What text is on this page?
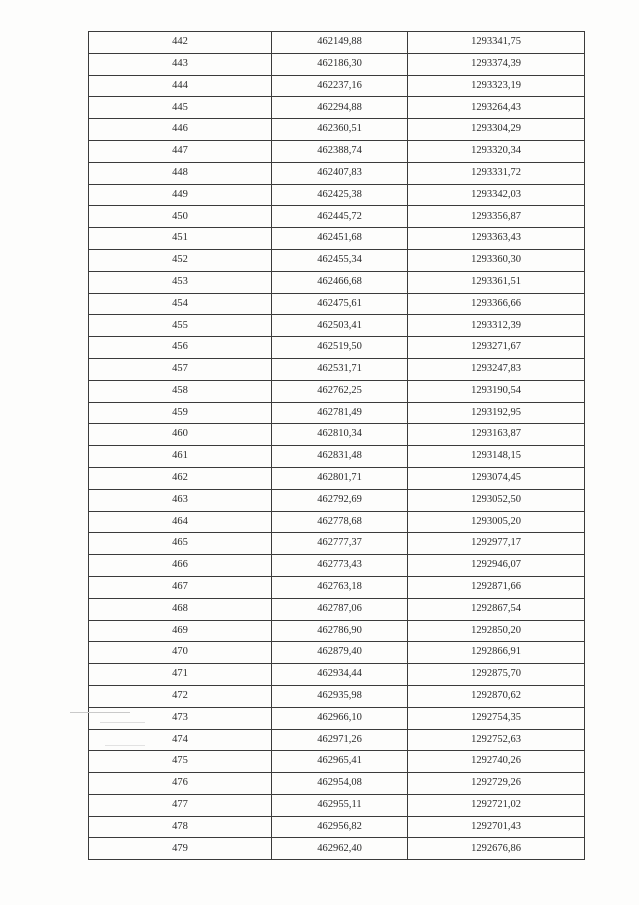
442	462149,88	1293341,75
443	462186,30	1293374,39
444	462237,16	1293323,19
445	462294,88	1293264,43
446	462360,51	1293304,29
447	462388,74	1293320,34
448	462407,83	1293331,72
449	462425,38	1293342,03
450	462445,72	1293356,87
451	462451,68	1293363,43
452	462455,34	1293360,30
453	462466,68	1293361,51
454	462475,61	1293366,66
455	462503,41	1293312,39
456	462519,50	1293271,67
457	462531,71	1293247,83
458	462762,25	1293190,54
459	462781,49	1293192,95
460	462810,34	1293163,87
461	462831,48	1293148,15
462	462801,71	1293074,45
463	462792,69	1293052,50
464	462778,68	1293005,20
465	462777,37	1292977,17
466	462773,43	1292946,07
467	462763,18	1292871,66
468	462787,06	1292867,54
469	462786,90	1292850,20
470	462879,40	1292866,91
471	462934,44	1292875,70
472	462935,98	1292870,62
473	462966,10	1292754,35
474	462971,26	1292752,63
475	462965,41	1292740,26
476	462954,08	1292729,26
477	462955,11	1292721,02
478	462956,82	1292701,43
479	462962,40	1292676,86
